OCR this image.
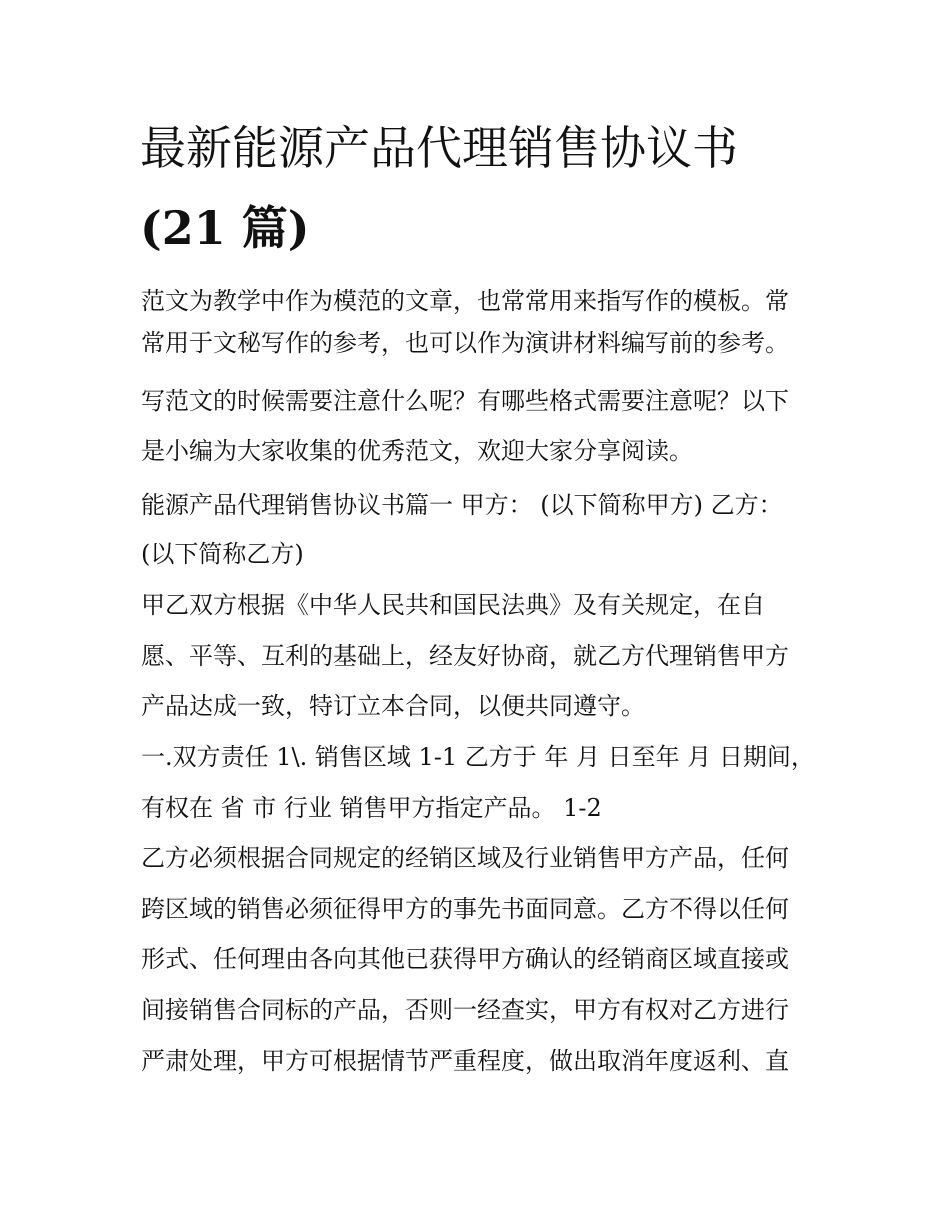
最新能源产品代理销售协议书
(21 篇)

范文为教学中作为模范的文章，也常常用来指写作的模板。常

常用于文秘写作的参考，也可以作为演讲材料编写前的参考。

写范文的时候需要注意什么呢？有哪些格式需要注意呢？以下

是小编为大家收集的优秀范文，欢迎大家分享阅读。

能源产品代理销售协议书篇一 甲方： (以下简称甲方) 乙方：

(以下简称乙方)

甲乙双方根据《中华人民共和国民法典》及有关规定，在自

愿、平等、互利的基础上，经友好协商，就乙方代理销售甲方

产品达成一致，特订立本合同，以便共同遵守。

一.双方责任 1\. 销售区域 1-1 乙方于 年 月 日至年 月 日期间，

有权在 省 市 行业 销售甲方指定产品。 1-2

乙方必须根据合同规定的经销区域及行业销售甲方产品，任何

跨区域的销售必须征得甲方的事先书面同意。乙方不得以任何

形式、任何理由各向其他已获得甲方确认的经销商区域直接或

间接销售合同标的产品，否则一经查实，甲方有权对乙方进行

严肃处理，甲方可根据情节严重程度，做出取消年度返利、直
